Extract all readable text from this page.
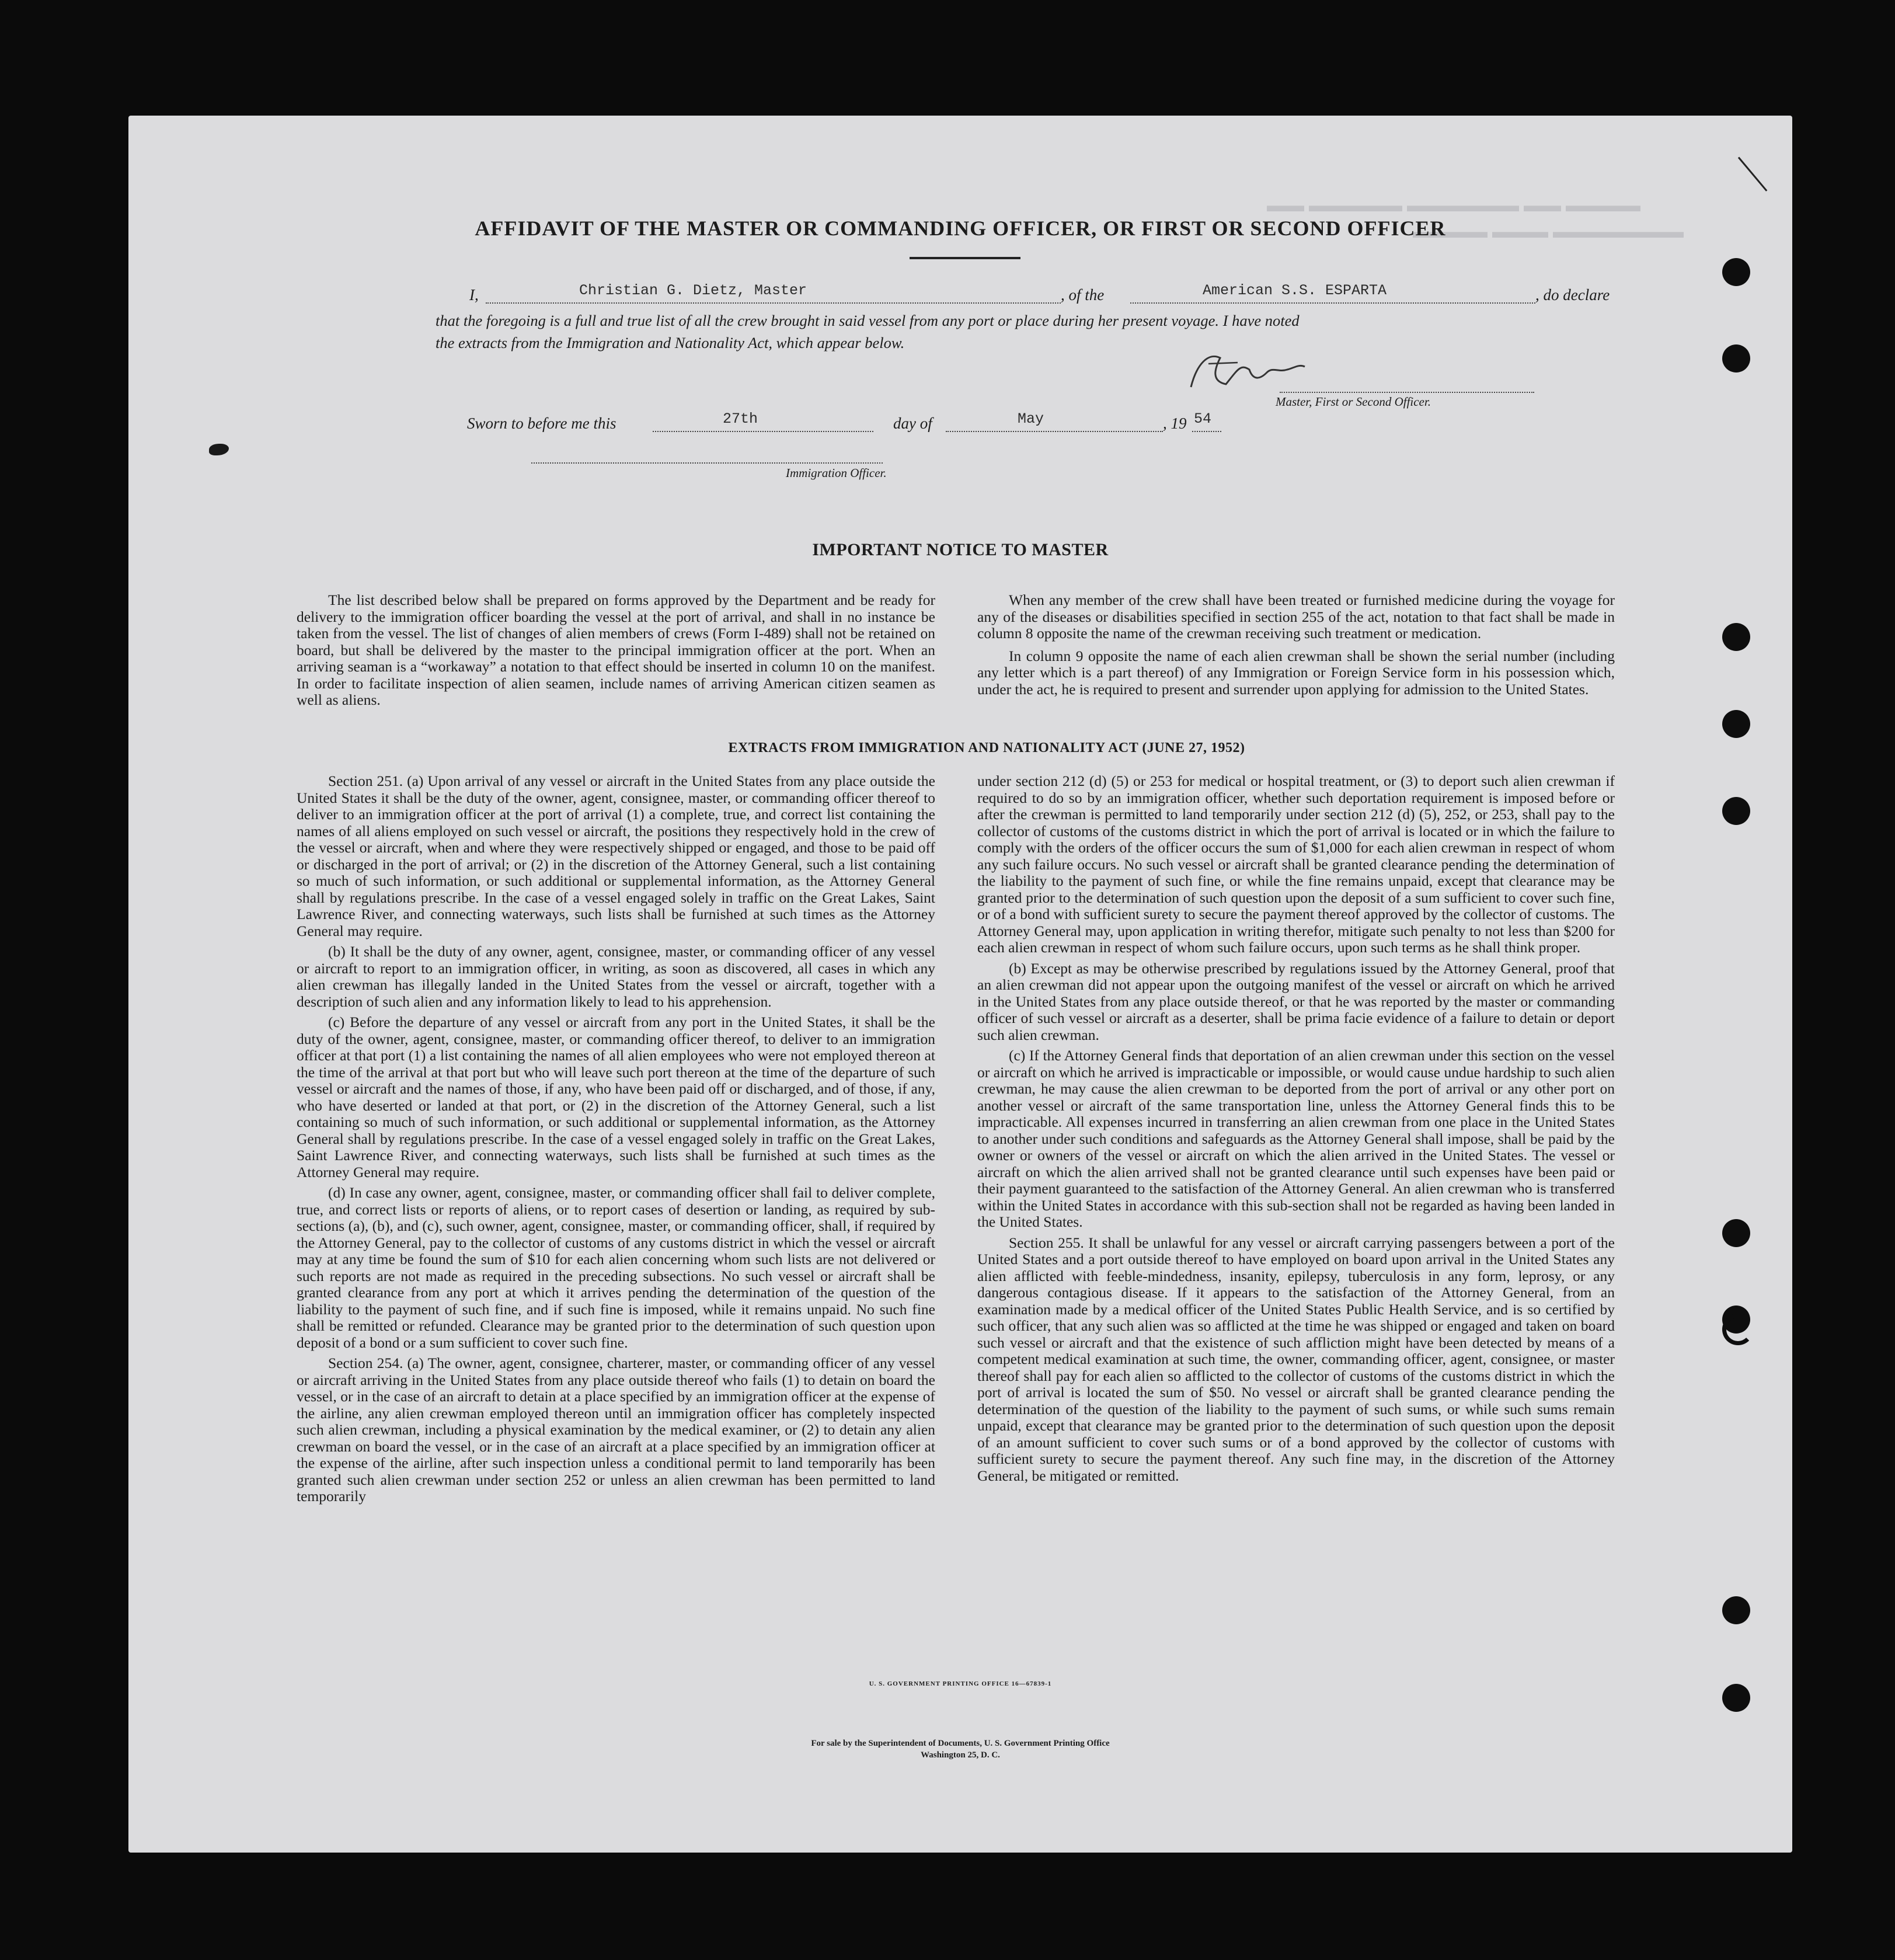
▬▬ ▬▬▬▬▬ ▬▬▬▬▬▬ ▬▬ ▬▬▬▬
▬▬▬▬ ▬▬▬ ▬▬▬▬▬▬▬
AFFIDAVIT OF THE MASTER OR COMMANDING OFFICER, OR FIRST OR SECOND OFFICER
I,	Christian G. Dietz, Master	, of the	American S.S. ESPARTA	, do declare
that the foregoing is a full and true list of all the crew brought in said vessel from any port or place during her present voyage. I have noted
the extracts from the Immigration and Nationality Act, which appear below.
Master, First or Second Officer.
Sworn to before me this	27th	day of	May	, 19 54
Immigration Officer.
IMPORTANT NOTICE TO MASTER

The list described below shall be prepared on forms approved by the Department and be ready for delivery to the immigration officer boarding the vessel at the port of arrival, and shall in no instance be taken from the vessel. The list of changes of alien members of crews (Form I-489) shall not be retained on board, but shall be delivered by the master to the principal immigration officer at the port. When an arriving seaman is a “workaway” a notation to that effect should be inserted in column 10 on the manifest. In order to facilitate inspection of alien seamen, include names of arriving American citizen seamen as well as aliens.

When any member of the crew shall have been treated or furnished medicine during the voyage for any of the diseases or disabilities specified in section 255 of the act, notation to that fact shall be made in column 8 opposite the name of the crewman receiving such treatment or medication.

In column 9 opposite the name of each alien crewman shall be shown the serial number (including any letter which is a part thereof) of any Immigration or Foreign Service form in his possession which, under the act, he is required to present and surrender upon applying for admission to the United States.

EXTRACTS FROM IMMIGRATION AND NATIONALITY ACT (JUNE 27, 1952)

Section 251. (a) Upon arrival of any vessel or aircraft in the United States from any place outside the United States it shall be the duty of the owner, agent, consignee, master, or commanding officer thereof to deliver to an immigration officer at the port of arrival (1) a complete, true, and correct list containing the names of all aliens employed on such vessel or aircraft, the positions they respectively hold in the crew of the vessel or aircraft, when and where they were respectively shipped or engaged, and those to be paid off or discharged in the port of arrival; or (2) in the discretion of the Attorney General, such a list containing so much of such information, or such additional or supplemental information, as the Attorney General shall by regulations prescribe. In the case of a vessel engaged solely in traffic on the Great Lakes, Saint Lawrence River, and connecting waterways, such lists shall be furnished at such times as the Attorney General may require.

(b) It shall be the duty of any owner, agent, consignee, master, or commanding officer of any vessel or aircraft to report to an immigration officer, in writing, as soon as discovered, all cases in which any alien crewman has illegally landed in the United States from the vessel or aircraft, together with a description of such alien and any information likely to lead to his apprehension.

(c) Before the departure of any vessel or aircraft from any port in the United States, it shall be the duty of the owner, agent, consignee, master, or commanding officer thereof, to deliver to an immigration officer at that port (1) a list containing the names of all alien employees who were not employed thereon at the time of the arrival at that port but who will leave such port thereon at the time of the departure of such vessel or aircraft and the names of those, if any, who have been paid off or discharged, and of those, if any, who have deserted or landed at that port, or (2) in the discretion of the Attorney General, such a list containing so much of such information, or such additional or supplemental information, as the Attorney General shall by regulations prescribe. In the case of a vessel engaged solely in traffic on the Great Lakes, Saint Lawrence River, and connecting waterways, such lists shall be furnished at such times as the Attorney General may require.

(d) In case any owner, agent, consignee, master, or commanding officer shall fail to deliver complete, true, and correct lists or reports of aliens, or to report cases of desertion or landing, as required by sub-sections (a), (b), and (c), such owner, agent, consignee, master, or commanding officer, shall, if required by the Attorney General, pay to the collector of customs of any customs district in which the vessel or aircraft may at any time be found the sum of $10 for each alien concerning whom such lists are not delivered or such reports are not made as required in the preceding subsections. No such vessel or aircraft shall be granted clearance from any port at which it arrives pending the determination of the question of the liability to the payment of such fine, and if such fine is imposed, while it remains unpaid. No such fine shall be remitted or refunded. Clearance may be granted prior to the determination of such question upon deposit of a bond or a sum sufficient to cover such fine.

Section 254. (a) The owner, agent, consignee, charterer, master, or commanding officer of any vessel or aircraft arriving in the United States from any place outside thereof who fails (1) to detain on board the vessel, or in the case of an aircraft to detain at a place specified by an immigration officer at the expense of the airline, any alien crewman employed thereon until an immigration officer has completely inspected such alien crewman, including a physical examination by the medical examiner, or (2) to detain any alien crewman on board the vessel, or in the case of an aircraft at a place specified by an immigration officer at the expense of the airline, after such inspection unless a conditional permit to land temporarily has been granted such alien crewman under section 252 or unless an alien crewman has been permitted to land temporarily

under section 212 (d) (5) or 253 for medical or hospital treatment, or (3) to deport such alien crewman if required to do so by an immigration officer, whether such deportation requirement is imposed before or after the crewman is permitted to land temporarily under section 212 (d) (5), 252, or 253, shall pay to the collector of customs of the customs district in which the port of arrival is located or in which the failure to comply with the orders of the officer occurs the sum of $1,000 for each alien crewman in respect of whom any such failure occurs. No such vessel or aircraft shall be granted clearance pending the determination of the liability to the payment of such fine, or while the fine remains unpaid, except that clearance may be granted prior to the determination of such question upon the deposit of a sum sufficient to cover such fine, or of a bond with sufficient surety to secure the payment thereof approved by the collector of customs. The Attorney General may, upon application in writing therefor, mitigate such penalty to not less than $200 for each alien crewman in respect of whom such failure occurs, upon such terms as he shall think proper.

(b) Except as may be otherwise prescribed by regulations issued by the Attorney General, proof that an alien crewman did not appear upon the outgoing manifest of the vessel or aircraft on which he arrived in the United States from any place outside thereof, or that he was reported by the master or commanding officer of such vessel or aircraft as a deserter, shall be prima facie evidence of a failure to detain or deport such alien crewman.

(c) If the Attorney General finds that deportation of an alien crewman under this section on the vessel or aircraft on which he arrived is impracticable or impossible, or would cause undue hardship to such alien crewman, he may cause the alien crewman to be deported from the port of arrival or any other port on another vessel or aircraft of the same transportation line, unless the Attorney General finds this to be impracticable. All expenses incurred in transferring an alien crewman from one place in the United States to another under such conditions and safeguards as the Attorney General shall impose, shall be paid by the owner or owners of the vessel or aircraft on which the alien arrived in the United States. The vessel or aircraft on which the alien arrived shall not be granted clearance until such expenses have been paid or their payment guaranteed to the satisfaction of the Attorney General. An alien crewman who is transferred within the United States in accordance with this sub-section shall not be regarded as having been landed in the United States.

Section 255. It shall be unlawful for any vessel or aircraft carrying passengers between a port of the United States and a port outside thereof to have employed on board upon arrival in the United States any alien afflicted with feeble-mindedness, insanity, epilepsy, tuberculosis in any form, leprosy, or any dangerous contagious disease. If it appears to the satisfaction of the Attorney General, from an examination made by a medical officer of the United States Public Health Service, and is so certified by such officer, that any such alien was so afflicted at the time he was shipped or engaged and taken on board such vessel or aircraft and that the existence of such affliction might have been detected by means of a competent medical examination at such time, the owner, commanding officer, agent, consignee, or master thereof shall pay for each alien so afflicted to the collector of customs of the customs district in which the port of arrival is located the sum of $50. No vessel or aircraft shall be granted clearance pending the determination of the question of the liability to the payment of such sums, or while such sums remain unpaid, except that clearance may be granted prior to the determination of such question upon the deposit of an amount sufficient to cover such sums or of a bond approved by the collector of customs with sufficient surety to secure the payment thereof. Any such fine may, in the discretion of the Attorney General, be mitigated or remitted.

U. S. GOVERNMENT PRINTING OFFICE 16—67839-1
For sale by the Superintendent of Documents, U. S. Government Printing Office
Washington 25, D. C.
